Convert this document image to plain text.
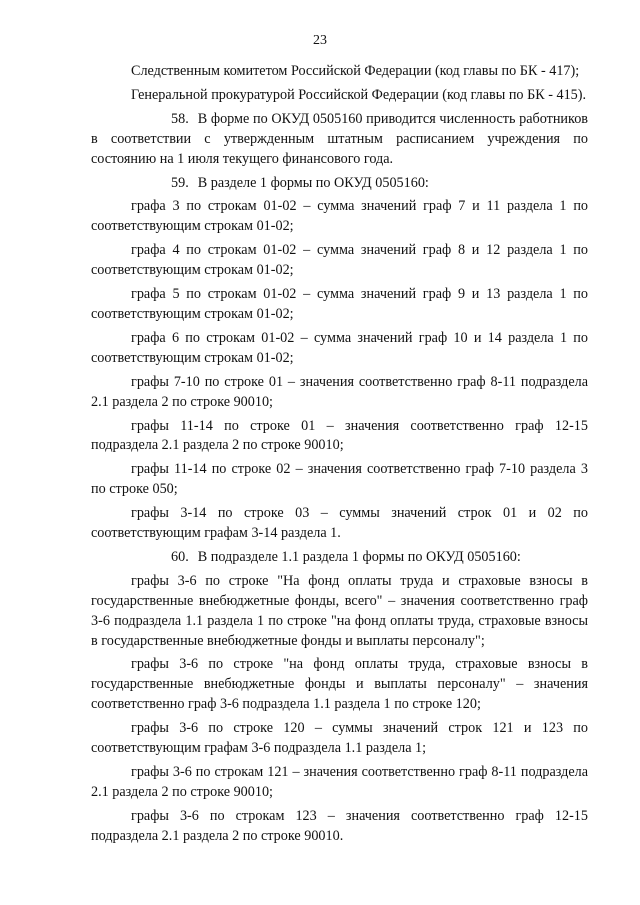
23

Следственным комитетом Российской Федерации (код главы по БК - 417);

Генеральной прокуратурой Российской Федерации (код главы по БК - 415).

58. В форме по ОКУД 0505160 приводится численность работников в соответствии с утвержденным штатным расписанием учреждения по состоянию на 1 июля текущего финансового года.

59. В разделе 1 формы по ОКУД 0505160:

графа 3 по строкам 01-02 – сумма значений граф 7 и 11 раздела 1 по соответствующим строкам 01-02;

графа 4 по строкам 01-02 – сумма значений граф 8 и 12 раздела 1 по соответствующим строкам 01-02;

графа 5 по строкам 01-02 – сумма значений граф 9 и 13 раздела 1 по соответствующим строкам 01-02;

графа 6 по строкам 01-02 – сумма значений граф 10 и 14 раздела 1 по соответствующим строкам 01-02;

графы 7-10 по строке 01 – значения соответственно граф 8-11 подраздела 2.1 раздела 2 по строке 90010;

графы 11-14 по строке 01 – значения соответственно граф 12-15 подраздела 2.1 раздела 2 по строке 90010;

графы 11-14 по строке 02 – значения соответственно граф 7-10 раздела 3 по строке 050;

графы 3-14 по строке 03 – суммы значений строк 01 и 02 по соответствующим графам 3-14 раздела 1.

60. В подразделе 1.1 раздела 1 формы по ОКУД 0505160:

графы 3-6 по строке "На фонд оплаты труда и страховые взносы в государственные внебюджетные фонды, всего" – значения соответственно граф 3-6 подраздела 1.1 раздела 1 по строке "на фонд оплаты труда, страховые взносы в государственные внебюджетные фонды и выплаты персоналу";

графы 3-6 по строке "на фонд оплаты труда, страховые взносы в государственные внебюджетные фонды и выплаты персоналу" – значения соответственно граф 3-6 подраздела 1.1 раздела 1 по строке 120;

графы 3-6 по строке 120 – суммы значений строк 121 и 123 по соответствующим графам 3-6 подраздела 1.1 раздела 1;

графы 3-6 по строкам 121 – значения соответственно граф 8-11 подраздела 2.1 раздела 2 по строке 90010;

графы 3-6 по строкам 123 – значения соответственно граф 12-15 подраздела 2.1 раздела 2 по строке 90010.
